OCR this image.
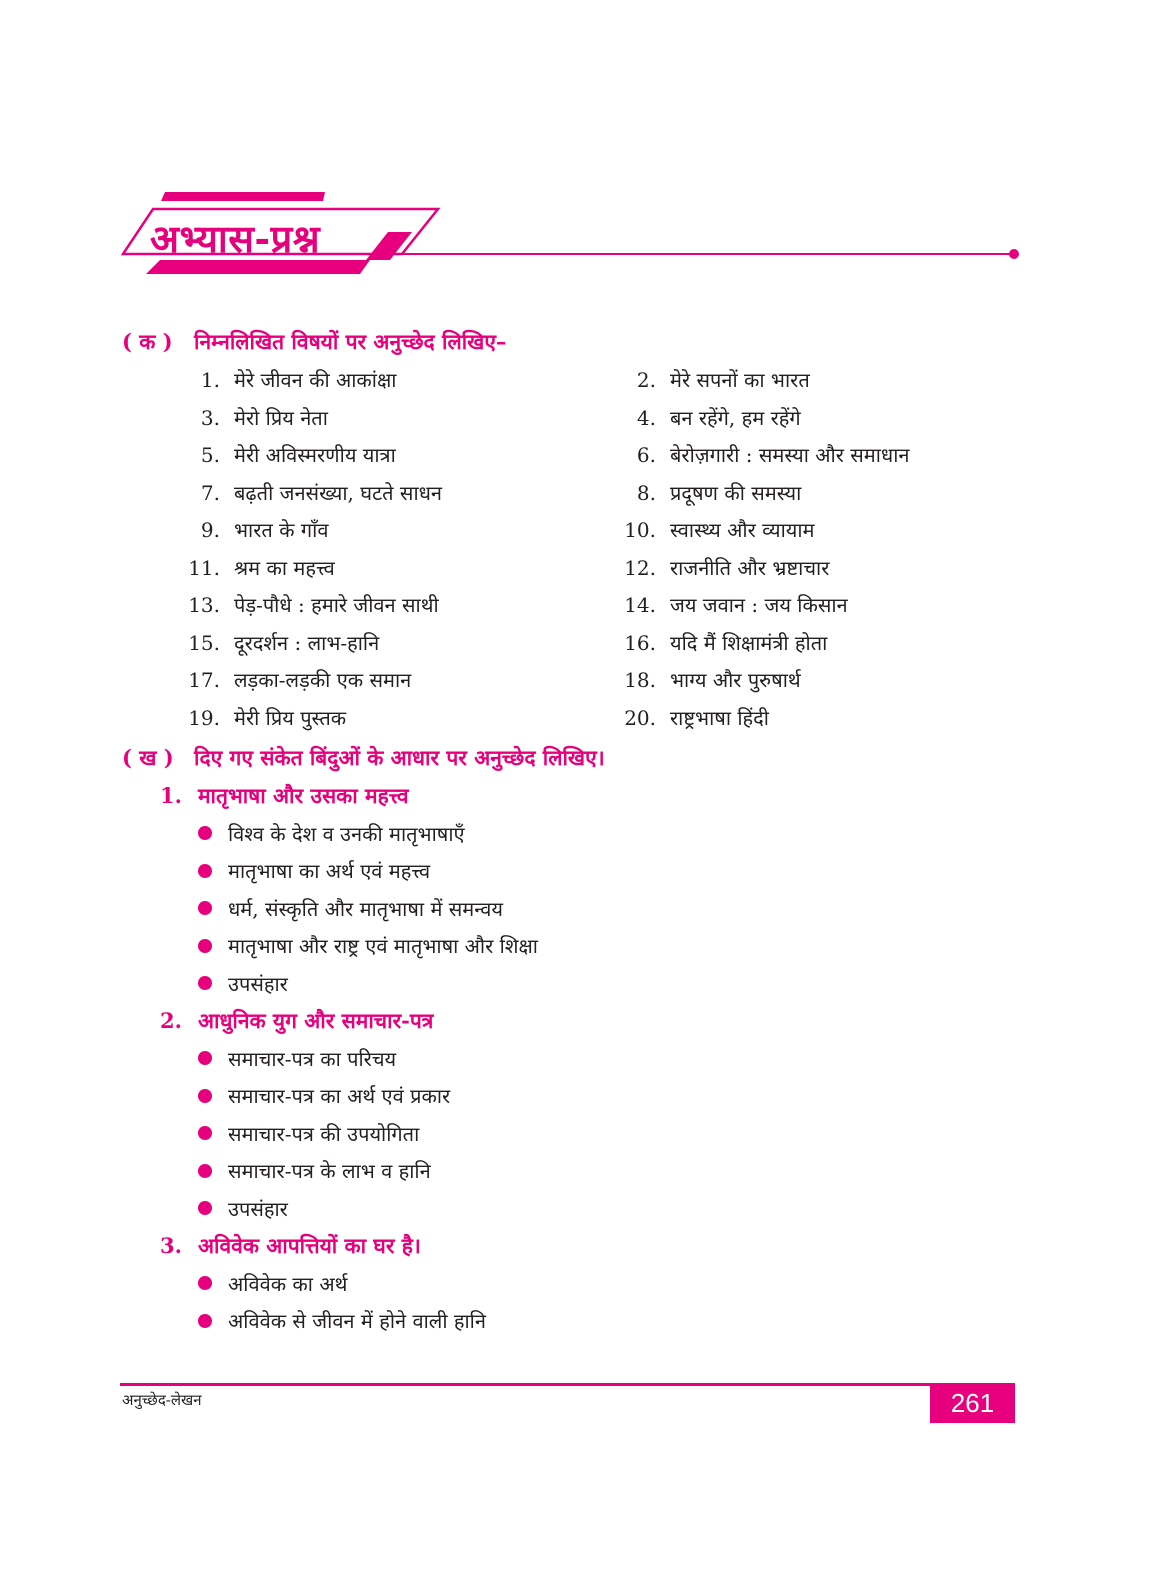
अभ्यास-प्रश्न
( क ) निम्नलिखित विषयों पर अनुच्छेद लिखिए–
1. मेरे जीवन की आकांक्षा	2. मेरे सपनों का भारत
3. मेरो प्रिय नेता	4. बन रहेंगे, हम रहेंगे
5. मेरी अविस्मरणीय यात्रा	6. बेरोज़गारी : समस्या और समाधान
7. बढ़ती जनसंख्या, घटते साधन	8. प्रदूषण की समस्या
9. भारत के गाँव	10. स्वास्थ्य और व्यायाम
11. श्रम का महत्त्व	12. राजनीति और भ्रष्टाचार
13. पेड़-पौधे : हमारे जीवन साथी	14. जय जवान : जय किसान
15. दूरदर्शन : लाभ-हानि	16. यदि मैं शिक्षामंत्री होता
17. लड़का-लड़की एक समान	18. भाग्य और पुरुषार्थ
19. मेरी प्रिय पुस्तक	20. राष्ट्रभाषा हिंदी
( ख ) दिए गए संकेत बिंदुओं के आधार पर अनुच्छेद लिखिए।
1. मातृभाषा और उसका महत्त्व
विश्व के देश व उनकी मातृभाषाएँ
मातृभाषा का अर्थ एवं महत्त्व
धर्म, संस्कृति और मातृभाषा में समन्वय
मातृभाषा और राष्ट्र एवं मातृभाषा और शिक्षा
उपसंहार
2. आधुनिक युग और समाचार-पत्र
समाचार-पत्र का परिचय
समाचार-पत्र का अर्थ एवं प्रकार
समाचार-पत्र की उपयोगिता
समाचार-पत्र के लाभ व हानि
उपसंहार
3. अविवेक आपत्तियों का घर है।
अविवेक का अर्थ
अविवेक से जीवन में होने वाली हानि
अनुच्छेद-लेखन	261
